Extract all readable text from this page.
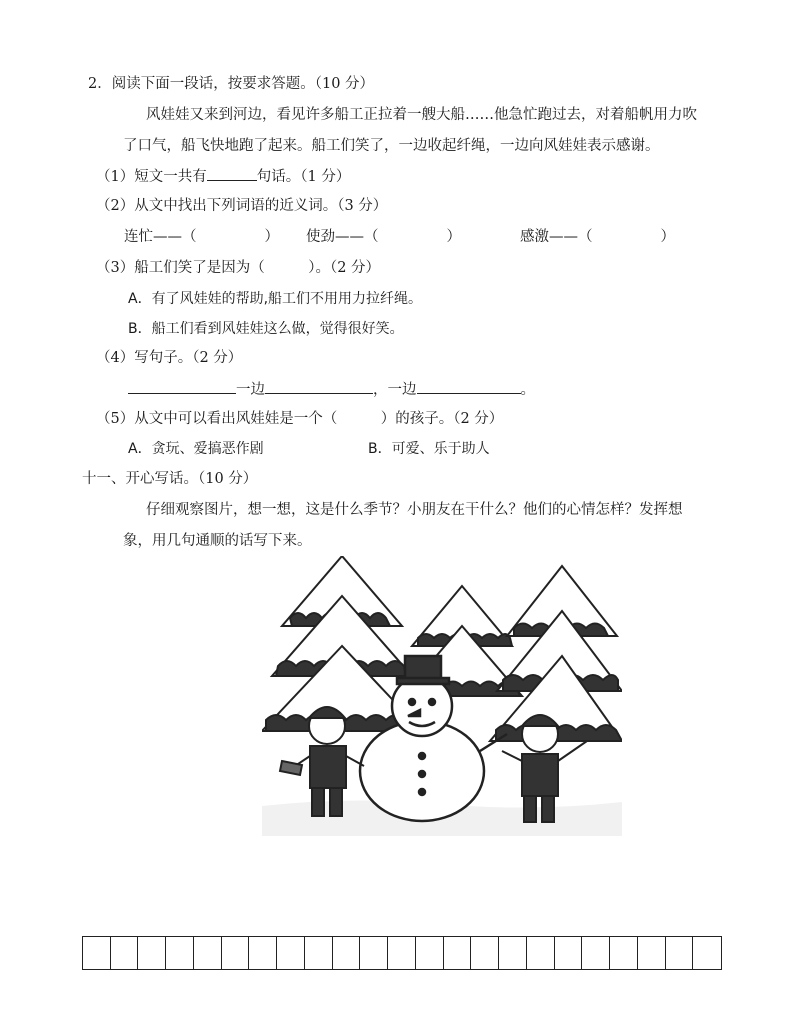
2．阅读下面一段话，按要求答题。（10 分）
风娃娃又来到河边，看见许多船工正拉着一艘大船……他急忙跑过去，对着船帆用力吹
了口气，船飞快地跑了起来。船工们笑了，一边收起纤绳，一边向风娃娃表示感谢。
（1）短文一共有	句话。（1 分）
（2）从文中找出下列词语的近义词。（3 分）
连忙——（	） 使劲——（	）	感激——（	）
（3）船工们笑了是因为（　　　）。（2 分）
A．有了风娃娃的帮助,船工们不用用力拉纤绳。
B．船工们看到风娃娃这么做，觉得很好笑。
（4）写句子。（2 分）
一边	，一边	。
（5）从文中可以看出风娃娃是一个（　　　）的孩子。（2 分）
A．贪玩、爱搞恶作剧	B．可爱、乐于助人
十一、开心写话。（10 分）
仔细观察图片，想一想，这是什么季节？小朋友在干什么？他们的心情怎样？发挥想
象，用几句通顺的话写下来。
